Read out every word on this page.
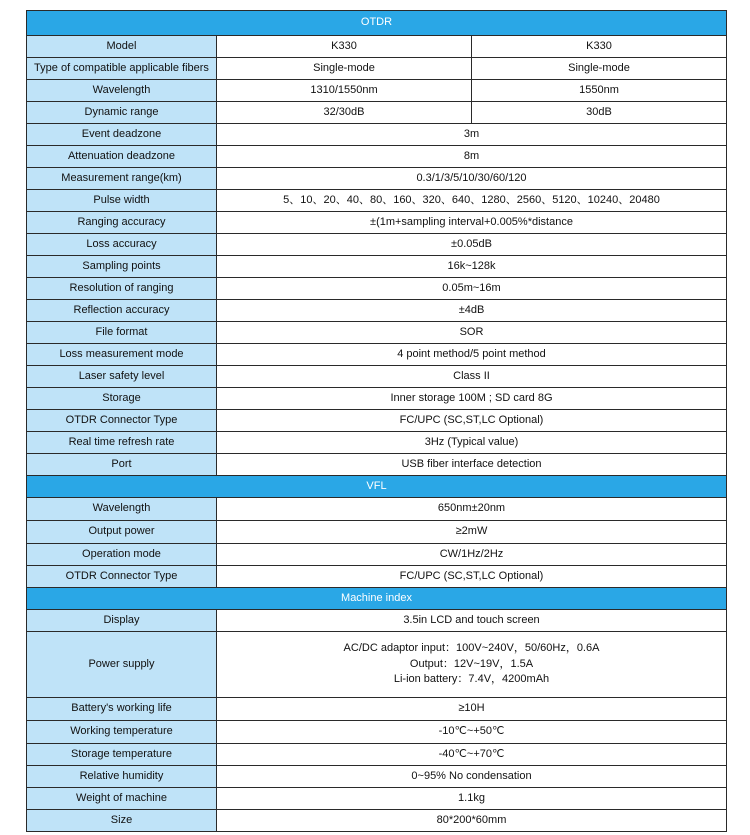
OTDR		
Model	K330	K330
Type of compatible applicable fibers	Single-mode	Single-mode
Wavelength	1310/1550nm	1550nm
Dynamic range	32/30dB	30dB
Event deadzone	3m	
Attenuation deadzone	8m	
Measurement range(km)	0.3/1/3/5/10/30/60/120	
Pulse width	5、10、20、40、80、160、320、640、1280、2560、5120、10240、20480	
Ranging accuracy	±(1m+sampling interval+0.005%*distance	
Loss accuracy	±0.05dB	
Sampling points	16k~128k	
Resolution of ranging	0.05m~16m	
Reflection accuracy	±4dB	
File format	SOR	
Loss measurement mode	4 point method/5 point method	
Laser safety level	Class II	
Storage	Inner storage 100M ; SD card 8G	
OTDR Connector Type	FC/UPC (SC,ST,LC Optional)	
Real time refresh rate	3Hz (Typical value)	
Port	USB fiber interface detection	
VFL		
Wavelength	650nm±20nm	
Output power	≥2mW	
Operation mode	CW/1Hz/2Hz	
OTDR Connector Type	FC/UPC (SC,ST,LC Optional)	
Machine index		
Display	3.5in LCD and touch screen	
Power supply	AC/DC adaptor input：100V~240V，50/60Hz，0.6A
Output：12V~19V，1.5A
Li-ion battery：7.4V，4200mAh	

Battery's working life	≥10H	
Working temperature	-10℃~+50℃	
Storage temperature	-40℃~+70℃	
Relative humidity	0~95% No condensation	
Weight of machine	1.1kg	
Size	80*200*60mm	
